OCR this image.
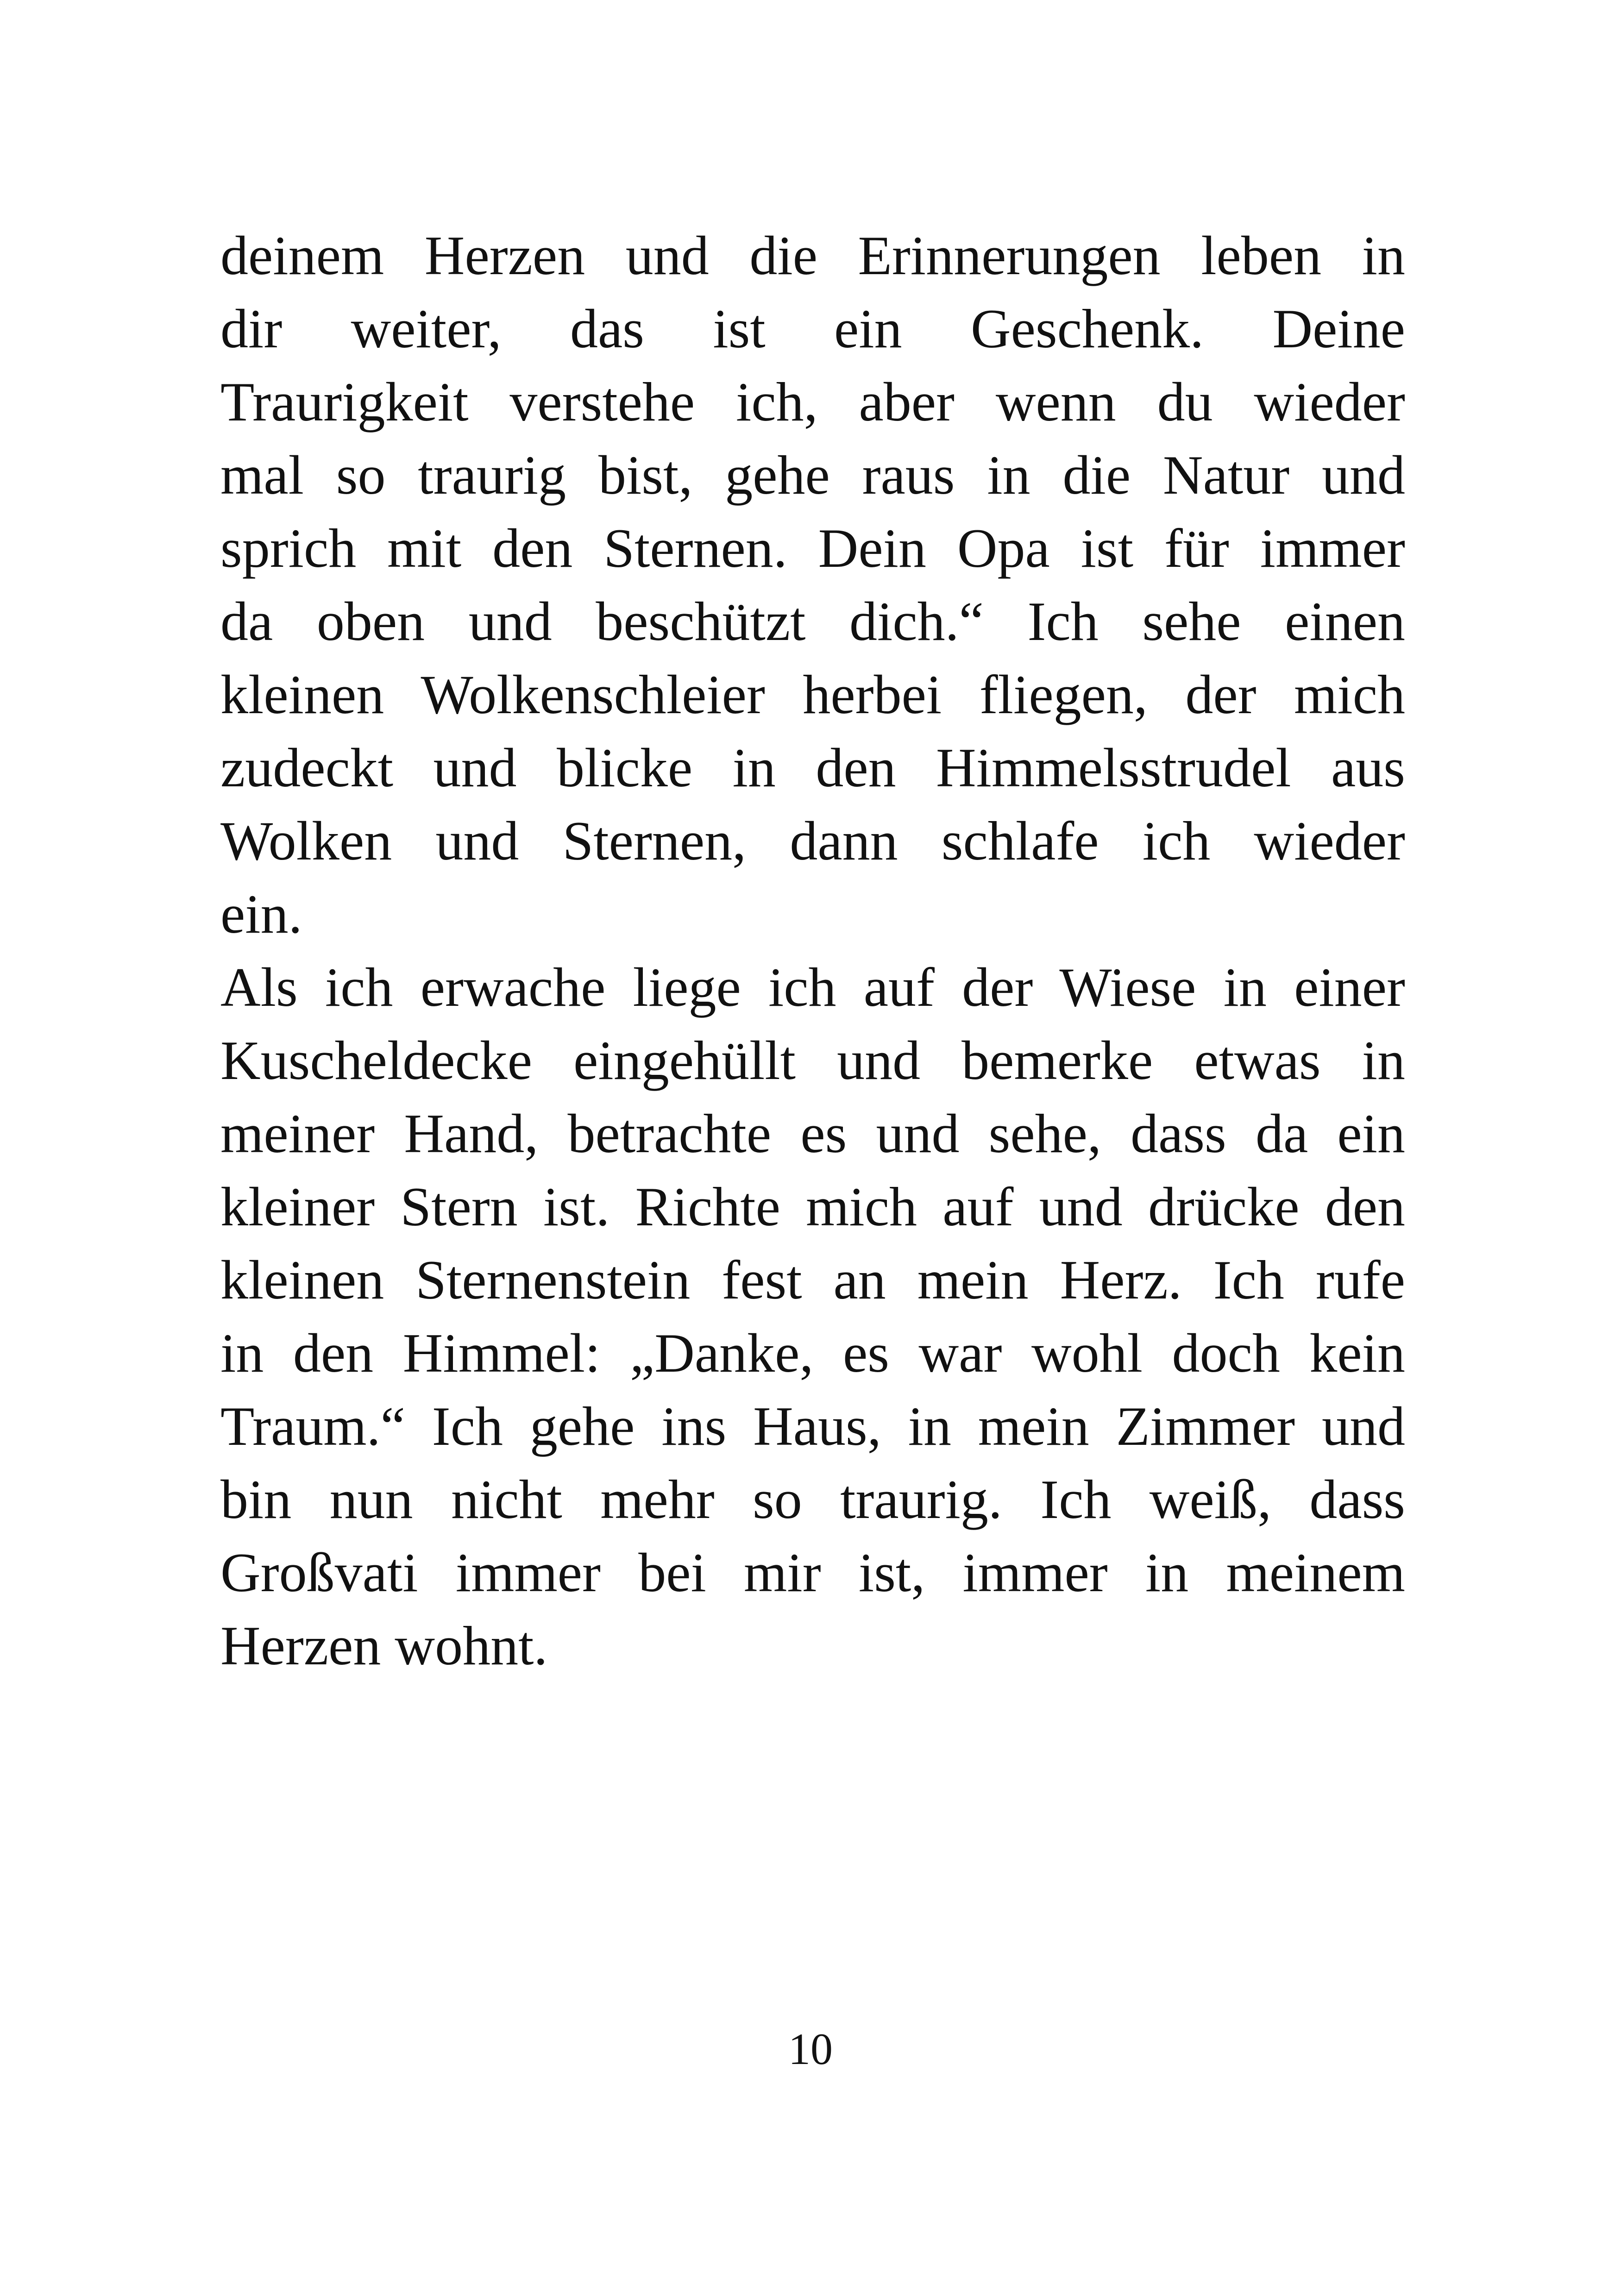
deinem Herzen und die Erinnerungen leben in
dir weiter, das ist ein Geschenk. Deine
Traurigkeit verstehe ich, aber wenn du wieder
mal so traurig bist, gehe raus in die Natur und
sprich mit den Sternen. Dein Opa ist für immer
da oben und beschützt dich.“ Ich sehe einen
kleinen Wolkenschleier herbei fliegen, der mich
zudeckt und blicke in den Himmelsstrudel aus
Wolken und Sternen, dann schlafe ich wieder
ein.
Als ich erwache liege ich auf der Wiese in einer
Kuscheldecke eingehüllt und bemerke etwas in
meiner Hand, betrachte es und sehe, dass da ein
kleiner Stern ist. Richte mich auf und drücke den
kleinen Sternenstein fest an mein Herz. Ich rufe
in den Himmel: „Danke, es war wohl doch kein
Traum.“ Ich gehe ins Haus, in mein Zimmer und
bin nun nicht mehr so traurig. Ich weiß, dass
Großvati immer bei mir ist, immer in meinem
Herzen wohnt.
10
